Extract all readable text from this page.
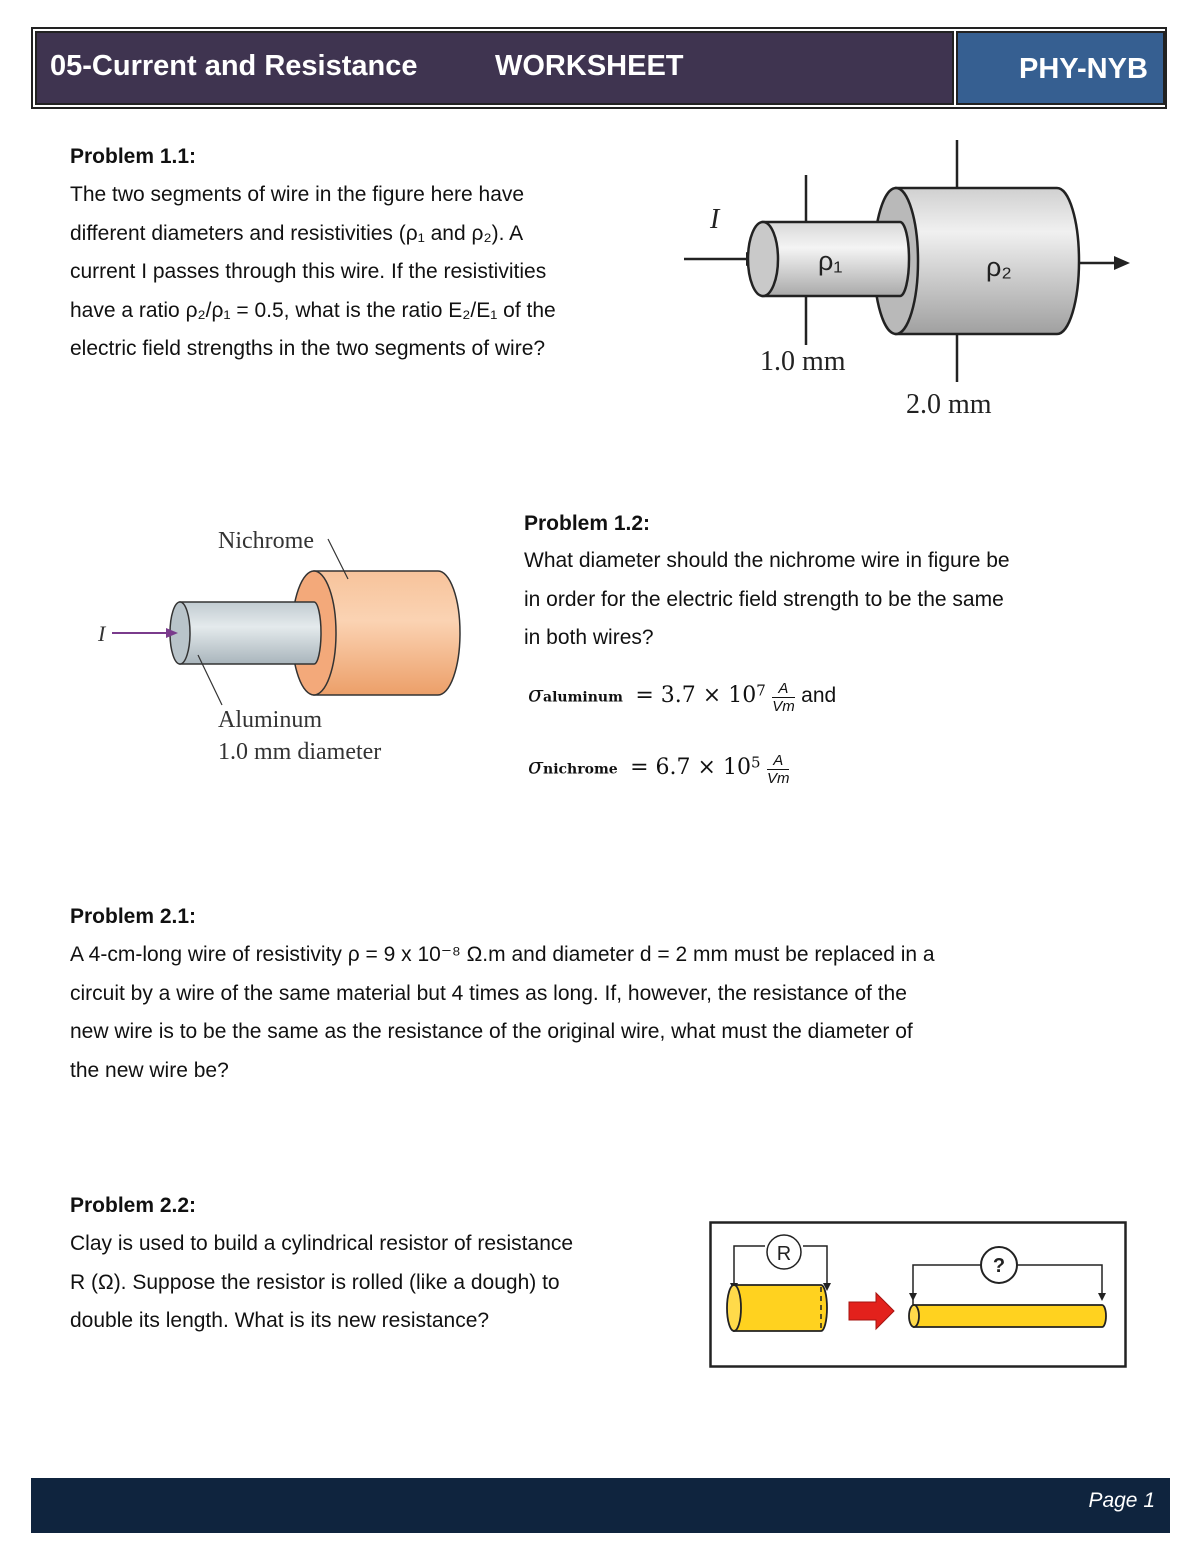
05-Current and Resistance	WORKSHEET	PHY-NYB
Problem 1.1:

The two segments of wire in the figure here have

different diameters and resistivities (ρ₁ and ρ₂). A

current I passes through this wire. If the resistivities

have a ratio ρ₂/ρ₁ = 0.5, what is the ratio E₂/E₁ of the

electric field strengths in the two segments of wire?

I
ρ₁	ρ₂
1.0 mm
2.0 mm
Nichrome
I
Aluminum
1.0 mm diameter
Problem 1.2:

What diameter should the nichrome wire in figure be

in order for the electric field strength to be the same

in both wires?

σaluminum = $3.7 \times 10^7 \frac{A}{Vm}$ and
σnichrome = $6.7 \times 10^5 \frac{A}{Vm}$
Problem 2.1:

A 4-cm-long wire of resistivity ρ = 9 x 10⁻⁸ Ω.m and diameter d = 2 mm must be replaced in a

circuit by a wire of the same material but 4 times as long. If, however, the resistance of the

new wire is to be the same as the resistance of the original wire, what must the diameter of

the new wire be?

Problem 2.2:

Clay is used to build a cylindrical resistor of resistance

R (Ω). Suppose the resistor is rolled (like a dough) to

double its length. What is its new resistance?

R
?
Page 1
